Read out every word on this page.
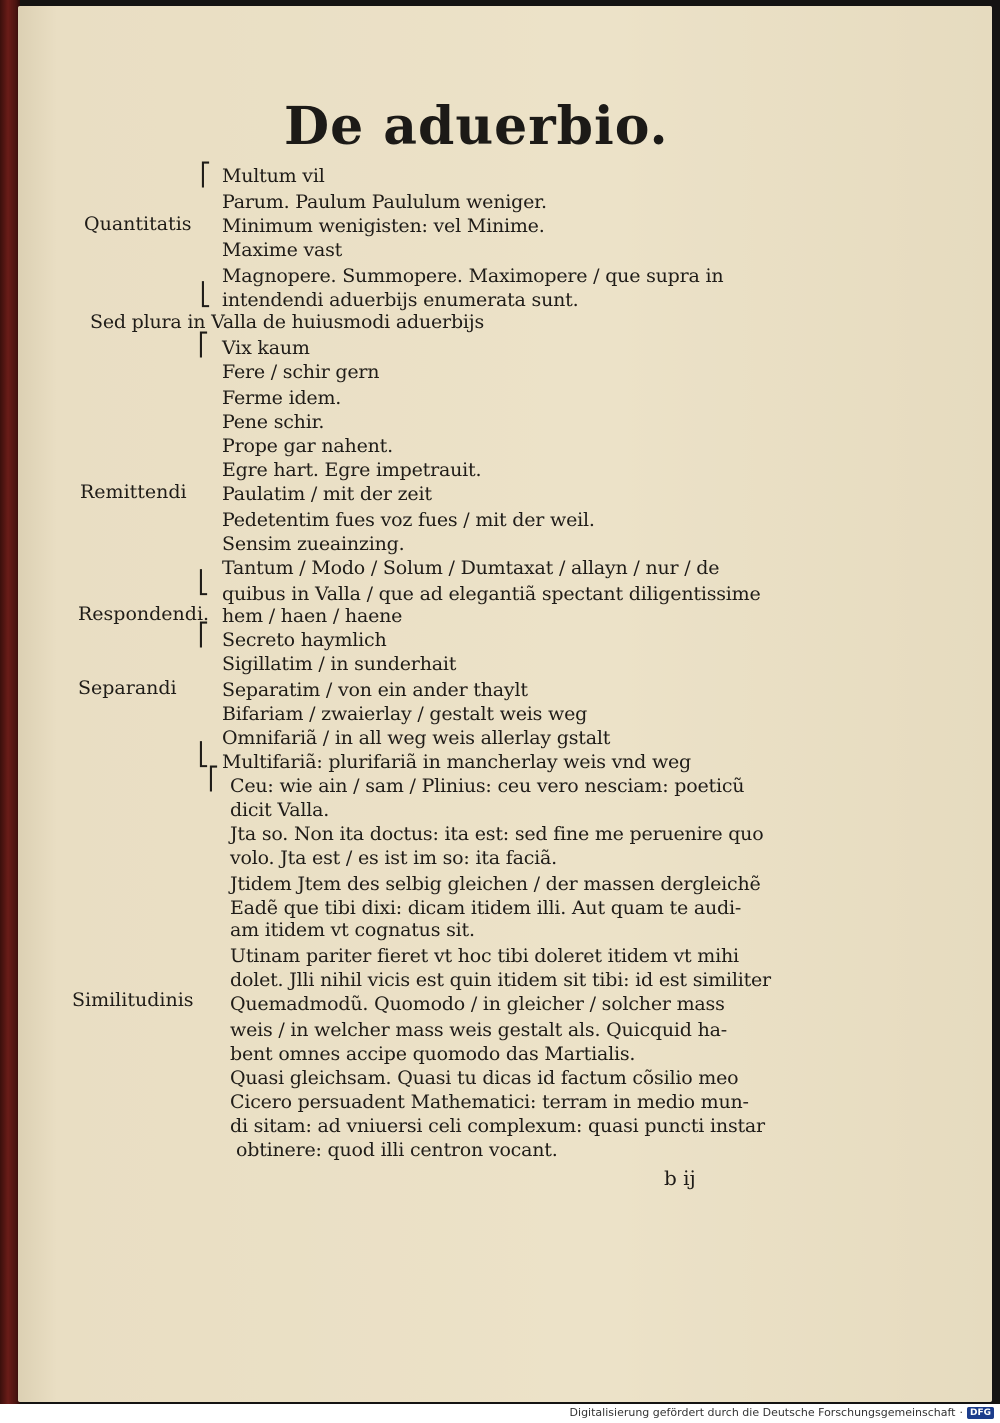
De aduerbio.
⎡
⎣
⎡
⎣
⎡
⎣
⎡
Quantitatis
Remittendi
Respondendi.
Separandi
Similitudinis
Multum vil
Parum. Paulum Paululum weniger.
Minimum wenigisten: vel Minime.
Maxime vast
Magnopere. Summopere. Maximopere / que supra in
intendendi aduerbijs enumerata sunt.
Sed plura in Valla de huiusmodi aduerbijs
Vix kaum
Fere / schir gern
Ferme idem.
Pene schir.
Prope gar nahent.
Egre hart. Egre impetrauit.
Paulatim / mit der zeit
Pedetentim fues voz fues / mit der weil.
Sensim zueainzing.
Tantum / Modo / Solum / Dumtaxat / allayn / nur / de
quibus in Valla / que ad elegantiã spectant diligentissime
hem / haen / haene
Secreto haymlich
Sigillatim / in sunderhait
Separatim / von ein ander thaylt
Bifariam / zwaierlay / gestalt weis weg
Omnifariã / in all weg weis allerlay gstalt
Multifariã: plurifariã in mancherlay weis vnd weg
Ceu: wie ain / sam / Plinius: ceu vero nesciam: poeticũ
dicit Valla.
Jta so. Non ita doctus: ita est: sed fine me peruenire quo
volo. Jta est / es ist im so: ita faciã.
Jtidem Jtem des selbig gleichen / der massen dergleichẽ
Eadẽ que tibi dixi: dicam itidem illi. Aut quam te audi-
am itidem vt cognatus sit.
Utinam pariter fieret vt hoc tibi doleret itidem vt mihi
dolet. Jlli nihil vicis est quin itidem sit tibi: id est similiter
Quemadmodũ. Quomodo / in gleicher / solcher mass
weis / in welcher mass weis gestalt als. Quicquid ha-
bent omnes accipe quomodo das Martialis.
Quasi gleichsam. Quasi tu dicas id factum cõsilio meo
Cicero persuadent Mathematici: terram in medio mun-
di sitam: ad vniuersi celi complexum: quasi puncti instar
obtinere: quod illi centron vocant.
b ij
Digitalisierung gefördert durch die Deutsche Forschungsgemeinschaft · DFG
